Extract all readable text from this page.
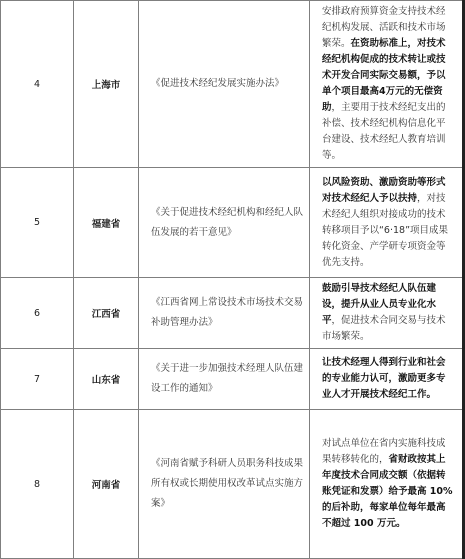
4	上海市	《促进技术经纪发展实施办法》	安排政府预算资金支持技术经纪机构发展、活跃和技术市场繁荣。在资助标准上，对技术经纪机构促成的技术转让或技术开发合同实际交易额，予以单个项目最高4万元的无偿资助，主要用于技术经纪支出的补偿、技术经纪机构信息化平台建设、技术经纪人教育培训等。
5	福建省	《关于促进技术经纪机构和经纪人队伍发展的若干意见》	以风险资助、激励资助等形式对技术经纪人予以扶持，对技术经纪人组织对接成功的技术转移项目予以“6·18”项目成果转化资金、产学研专项资金等优先支持。
6	江西省	《江西省网上常设技术市场技术交易补助管理办法》	鼓励引导技术经纪人队伍建设，提升从业人员专业化水平，促进技术合同交易与技术市场繁荣。
7	山东省	《关于进一步加强技术经理人队伍建设工作的通知》	让技术经理人得到行业和社会的专业能力认可，激励更多专业人才开展技术经纪工作。
8	河南省	《河南省赋予科研人员职务科技成果所有权或长期使用权改革试点实施方案》	对试点单位在省内实施科技成果转移转化的，省财政按其上年度技术合同成交额（依据转账凭证和发票）给予最高 10%的后补助，每家单位每年最高不超过 100 万元。
